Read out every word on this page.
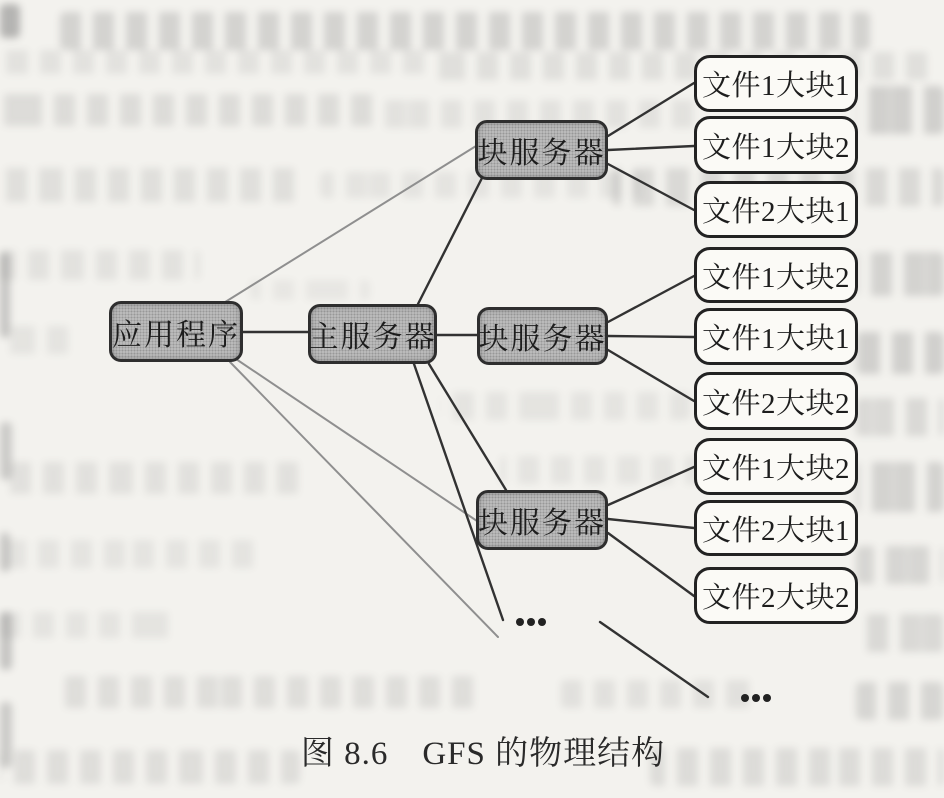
应用程序 主服务器
块服务器
块服务器
块服务器
文件1大块1
文件1大块2
文件2大块1
文件1大块2
文件1大块1
文件2大块2
文件1大块2
文件2大块1
文件2大块2
图 8.6　GFS 的物理结构
